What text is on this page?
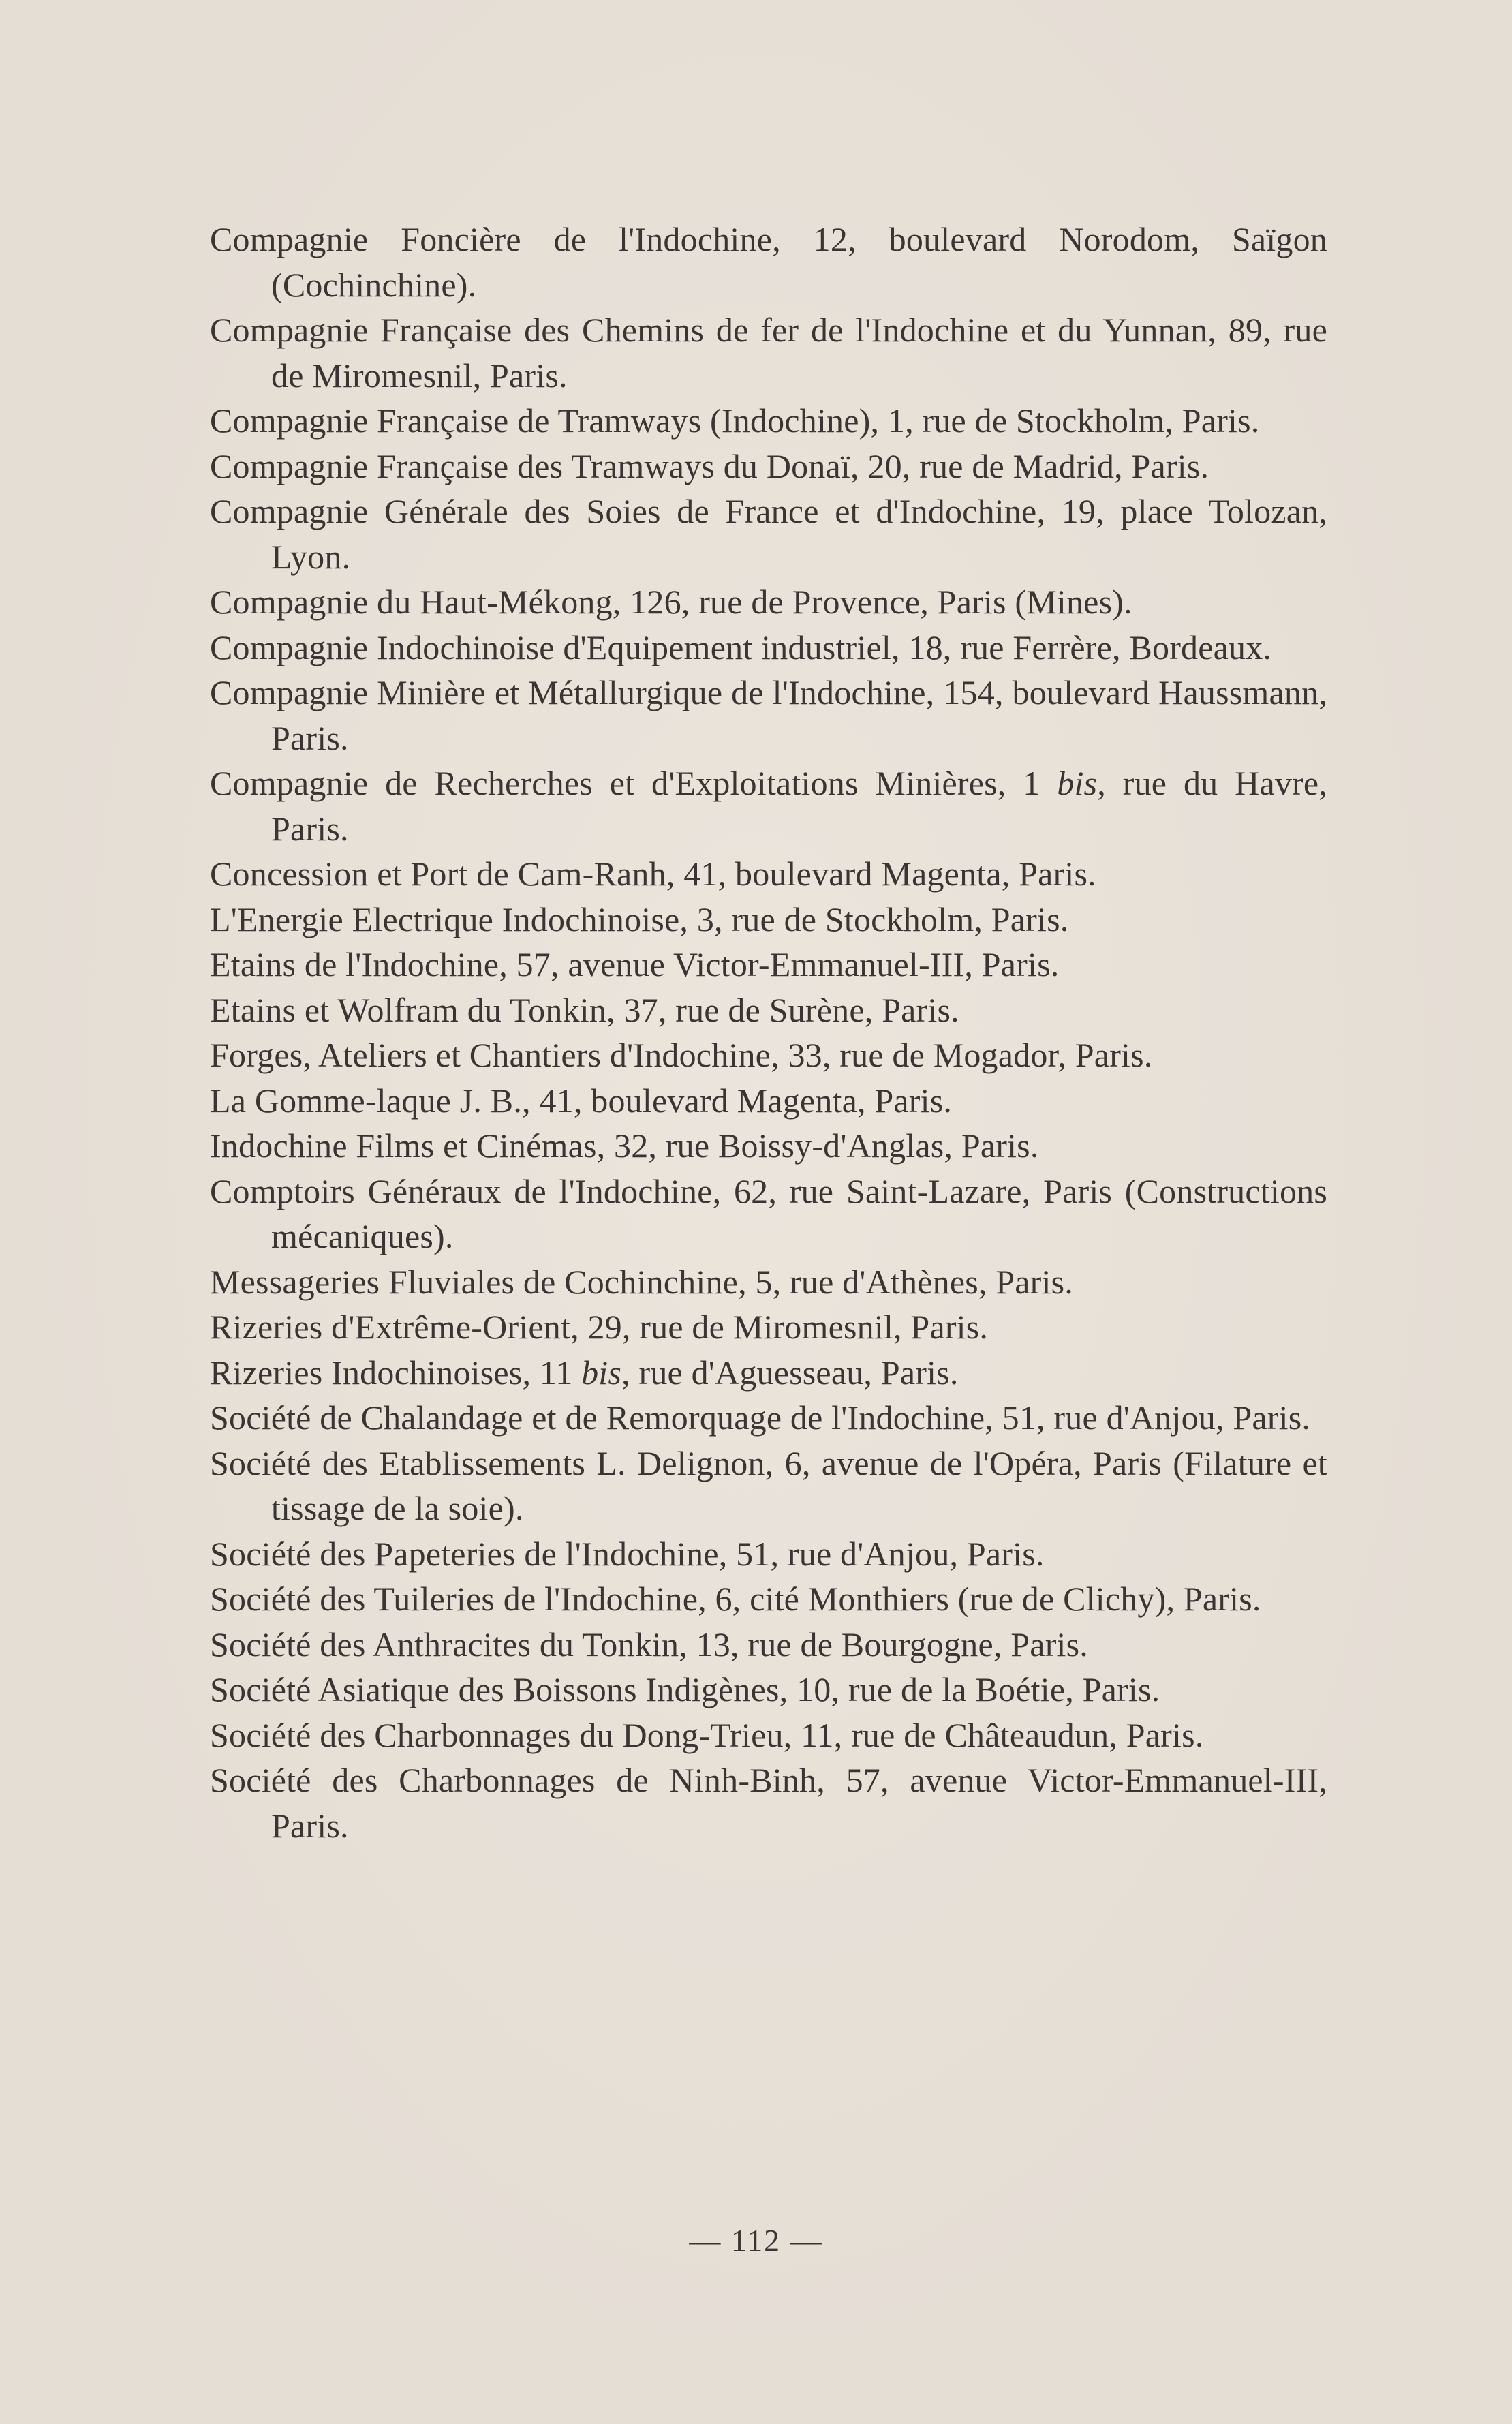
Compagnie Foncière de l'Indochine, 12, boulevard Norodom, Saïgon (Cochinchine).
Compagnie Française des Chemins de fer de l'Indochine et du Yunnan, 89, rue de Miromesnil, Paris.
Compagnie Française de Tramways (Indochine), 1, rue de Stockholm, Paris.
Compagnie Française des Tramways du Donaï, 20, rue de Madrid, Paris.
Compagnie Générale des Soies de France et d'Indochine, 19, place Tolozan, Lyon.
Compagnie du Haut-Mékong, 126, rue de Provence, Paris (Mines).
Compagnie Indochinoise d'Equipement industriel, 18, rue Ferrère, Bordeaux.
Compagnie Minière et Métallurgique de l'Indochine, 154, boulevard Haussmann, Paris.
Compagnie de Recherches et d'Exploitations Minières, 1 bis, rue du Havre, Paris.
Concession et Port de Cam-Ranh, 41, boulevard Magenta, Paris.
L'Energie Electrique Indochinoise, 3, rue de Stockholm, Paris.
Etains de l'Indochine, 57, avenue Victor-Emmanuel-III, Paris.
Etains et Wolfram du Tonkin, 37, rue de Surène, Paris.
Forges, Ateliers et Chantiers d'Indochine, 33, rue de Mogador, Paris.
La Gomme-laque J. B., 41, boulevard Magenta, Paris.
Indochine Films et Cinémas, 32, rue Boissy-d'Anglas, Paris.
Comptoirs Généraux de l'Indochine, 62, rue Saint-Lazare, Paris (Constructions mécaniques).
Messageries Fluviales de Cochinchine, 5, rue d'Athènes, Paris.
Rizeries d'Extrême-Orient, 29, rue de Miromesnil, Paris.
Rizeries Indochinoises, 11 bis, rue d'Aguesseau, Paris.
Société de Chalandage et de Remorquage de l'Indochine, 51, rue d'Anjou, Paris.
Société des Etablissements L. Delignon, 6, avenue de l'Opéra, Paris (Filature et tissage de la soie).
Société des Papeteries de l'Indochine, 51, rue d'Anjou, Paris.
Société des Tuileries de l'Indochine, 6, cité Monthiers (rue de Clichy), Paris.
Société des Anthracites du Tonkin, 13, rue de Bourgogne, Paris.
Société Asiatique des Boissons Indigènes, 10, rue de la Boétie, Paris.
Société des Charbonnages du Dong-Trieu, 11, rue de Châteaudun, Paris.
Société des Charbonnages de Ninh-Binh, 57, avenue Victor-Emmanuel-III, Paris.
— 112 —
